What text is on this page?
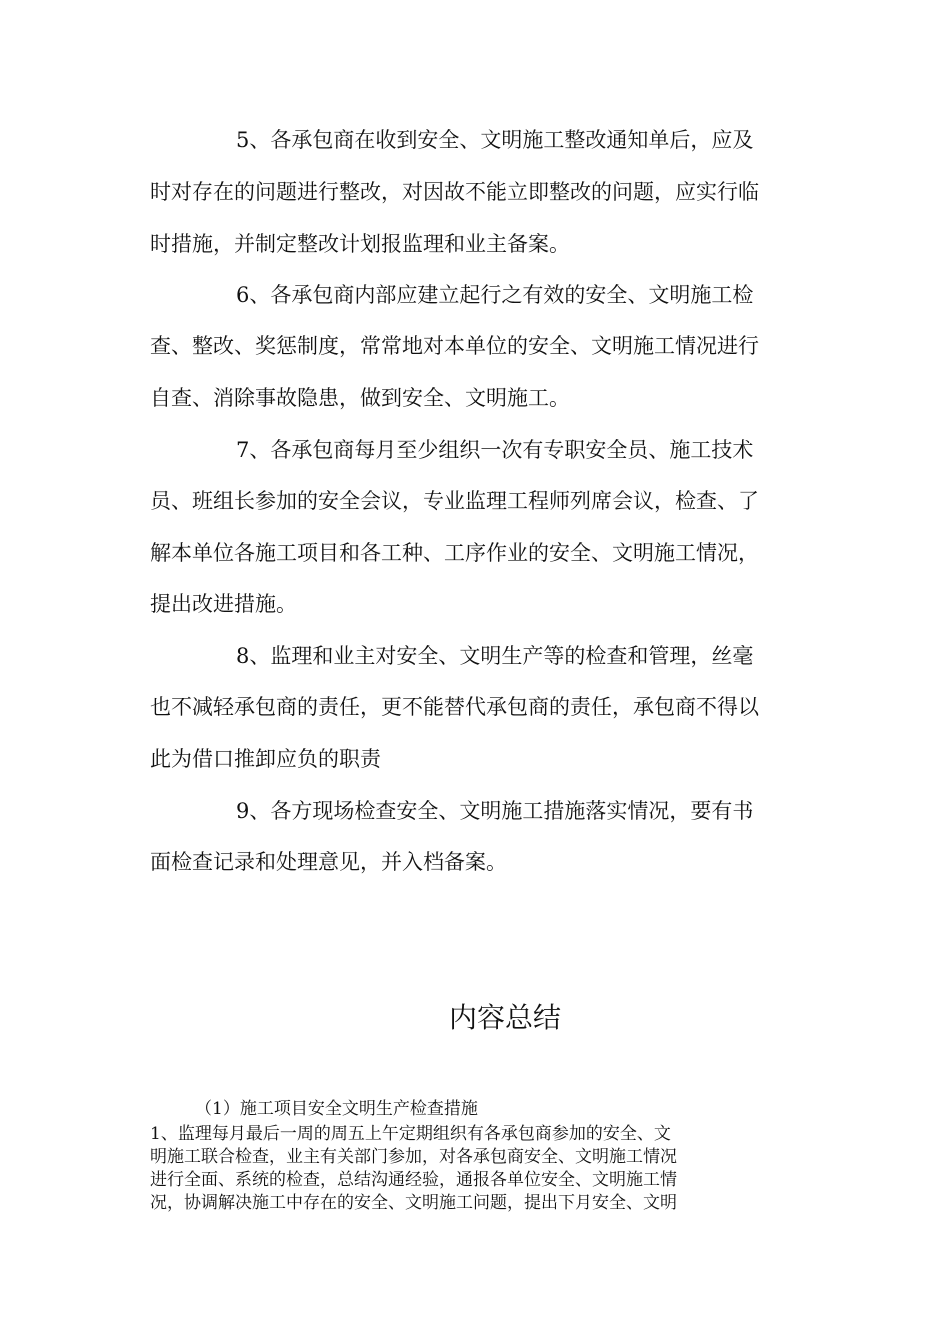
5、各承包商在收到安全、文明施工整改通知单后，应及
时对存在的问题进行整改，对因故不能立即整改的问题，应实行临
时措施，并制定整改计划报监理和业主备案。
6、各承包商内部应建立起行之有效的安全、文明施工检
查、整改、奖惩制度，常常地对本单位的安全、文明施工情况进行
自查、消除事故隐患，做到安全、文明施工。
7、各承包商每月至少组织一次有专职安全员、施工技术
员、班组长参加的安全会议，专业监理工程师列席会议，检查、了
解本单位各施工项目和各工种、工序作业的安全、文明施工情况，
提出改进措施。
8、监理和业主对安全、文明生产等的检查和管理，丝毫
也不减轻承包商的责任，更不能替代承包商的责任，承包商不得以
此为借口推卸应负的职责
9、各方现场检查安全、文明施工措施落实情况，要有书
面检查记录和处理意见，并入档备案。
内容总结
（1）施工项目安全文明生产检查措施
1、监理每月最后一周的周五上午定期组织有各承包商参加的安全、文
明施工联合检查，业主有关部门参加，对各承包商安全、文明施工情况
进行全面、系统的检查，总结沟通经验，通报各单位安全、文明施工情
况，协调解决施工中存在的安全、文明施工问题，提出下月安全、文明
